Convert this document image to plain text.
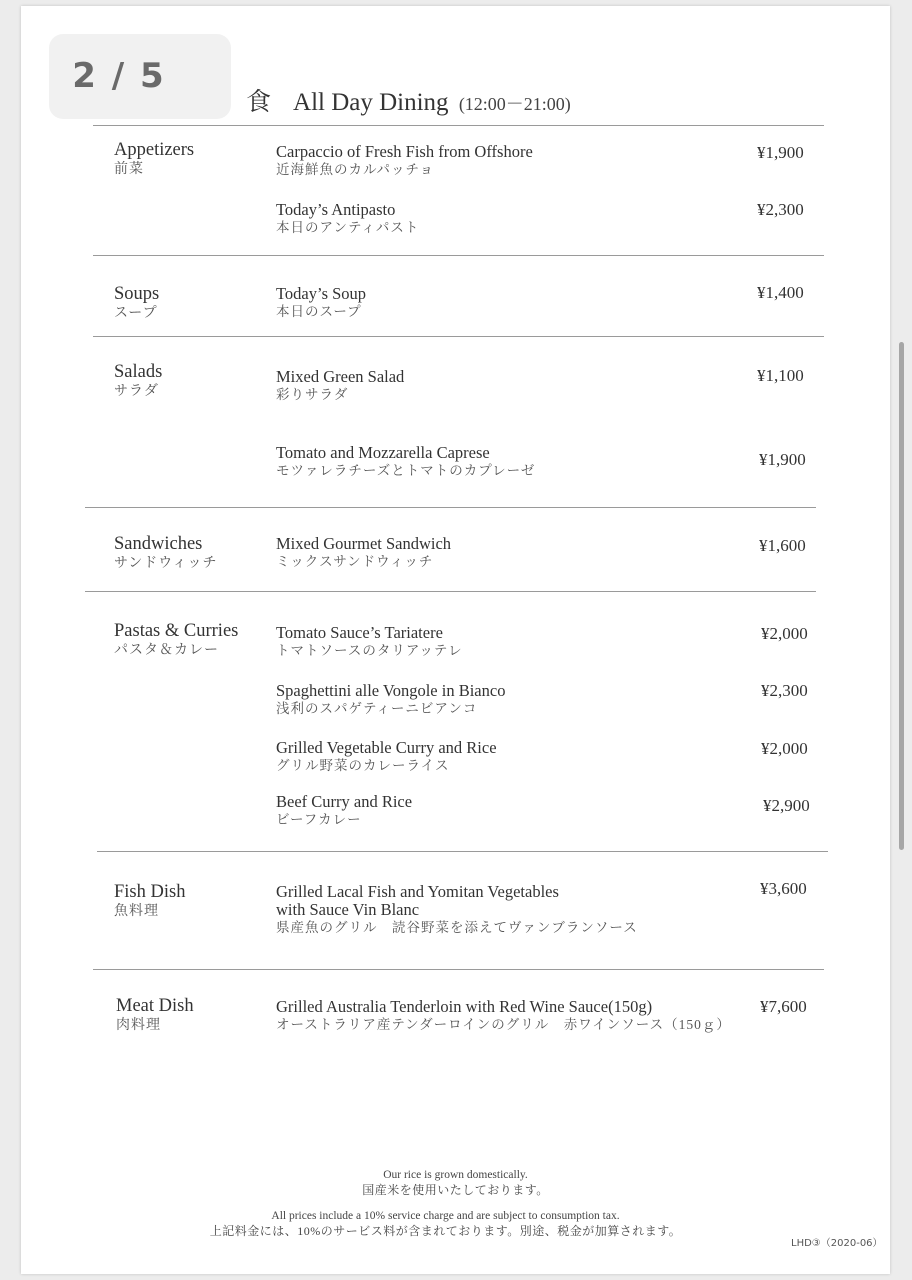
食 All Day Dining (12:00－21:00)
Appetizers
前菜
Carpaccio of Fresh Fish from Offshore
近海鮮魚のカルパッチョ
¥1,900
Today’s Antipasto
本日のアンティパスト
¥2,300
Soups
スープ
Today’s Soup
本日のスープ
¥1,400
Salads
サラダ
Mixed Green Salad
彩りサラダ
¥1,100
Tomato and Mozzarella Caprese
モツァレラチーズとトマトのカプレーゼ
¥1,900
Sandwiches
サンドウィッチ
Mixed Gourmet Sandwich
ミックスサンドウィッチ
¥1,600
Pastas & Curries
パスタ＆カレー
Tomato Sauce’s Tariatere
トマトソースのタリアッテレ
¥2,000
Spaghettini alle Vongole in Bianco
浅利のスパゲティーニビアンコ
¥2,300
Grilled Vegetable Curry and Rice
グリル野菜のカレーライス
¥2,000
Beef Curry and Rice
ビーフカレー
¥2,900
Fish Dish
魚料理
Grilled Lacal Fish and Yomitan Vegetables
with Sauce Vin Blanc
県産魚のグリル　読谷野菜を添えてヴァンブランソース
¥3,600
Meat Dish
肉料理
Grilled Australia Tenderloin with Red Wine Sauce(150g)
オーストラリア産テンダーロインのグリル　赤ワインソース（150ｇ）
¥7,600
Our rice is grown domestically.
国産米を使用いたしております。
All prices include a 10% service charge and are subject to consumption tax.
上記料金には、10%のサービス料が含まれております。別途、税金が加算されます。
LHD③（2020-06）
2 / 5
